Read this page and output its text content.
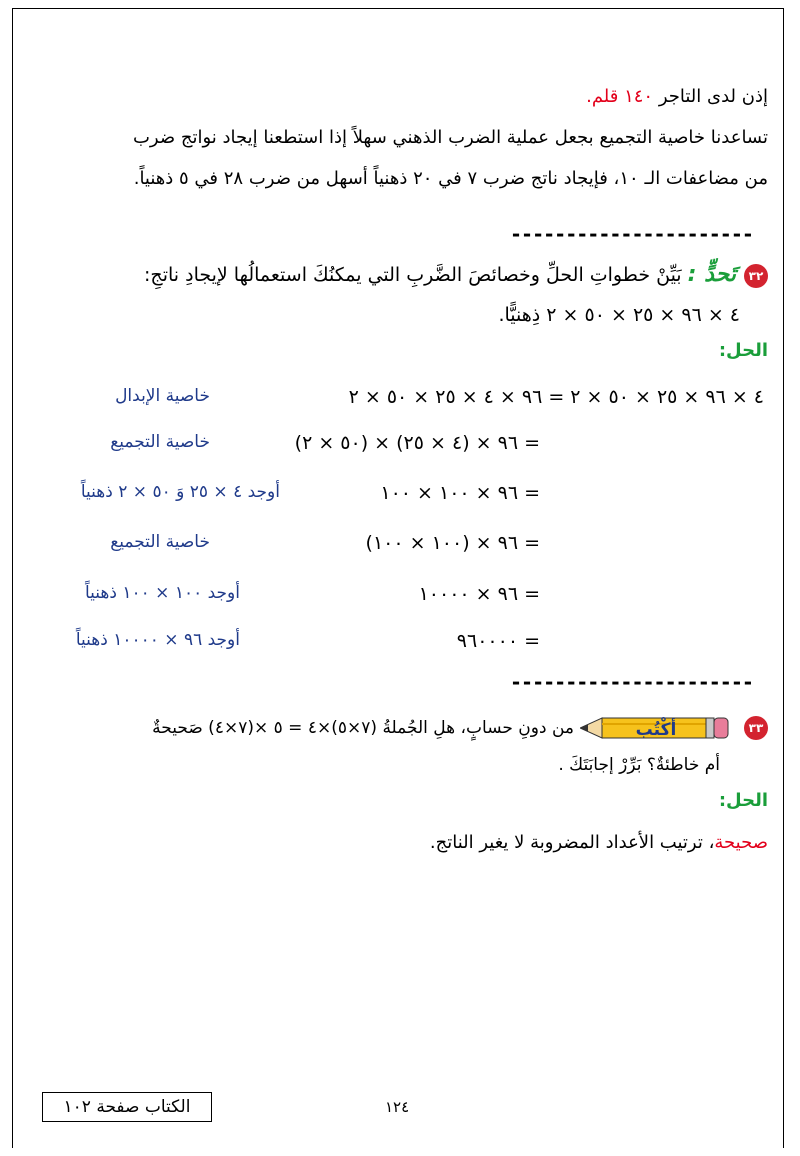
إذن لدى التاجر ١٤٠ قلم.
تساعدنا خاصية التجميع بجعل عملية الضرب الذهني سهلاً إذا استطعنا إيجاد نواتج ضرب
من مضاعفات الـ ١٠، فإيجاد ناتج ضرب ٧ في ٢٠ ذهنياً أسهل من ضرب ٢٨ في ٥ ذهنياً.
----------------------
٣٢تَحدٍّ : بَيِّنْ خطواتِ الحلِّ وخصائصَ الضَّربِ التي يمكنُكَ استعمالُها لإيجادِ ناتجِ:
٤ × ٩٦ × ٢٥ × ٥٠ × ٢ ذِهنيًّا.
الحل:
٤ × ٩٦ × ٢٥ × ٥٠ × ٢ = ٩٦ × ٤ × ٢٥ × ٥٠ × ٢
خاصية الإبدال
= ٩٦ × (٤ × ٢٥) × (٥٠ × ٢)
خاصية التجميع
= ٩٦ × ١٠٠ × ١٠٠
أوجد ٤ × ٢٥ وَ ٥٠ × ٢ ذهنياً
= ٩٦ × (١٠٠ × ١٠٠)
خاصية التجميع
= ٩٦ × ١٠٠٠٠
أوجد ١٠٠ × ١٠٠ ذهنياً
= ٩٦٠٠٠٠
أوجد ٩٦ × ١٠٠٠٠ ذهنياً
----------------------
٣٣
أكْتُب
من دونِ حسابٍ، هلِ الجُملةُ (٧×٥)×٤ = ٥ ×(٧×٤) صَحيحةٌ
أم خاطئةٌ؟ بَرِّرْ إجابَتَكَ .
الحل:
صحيحة، ترتيب الأعداد المضروبة لا يغير الناتج.
الكتاب صفحة ١٠٢	١٢٤
